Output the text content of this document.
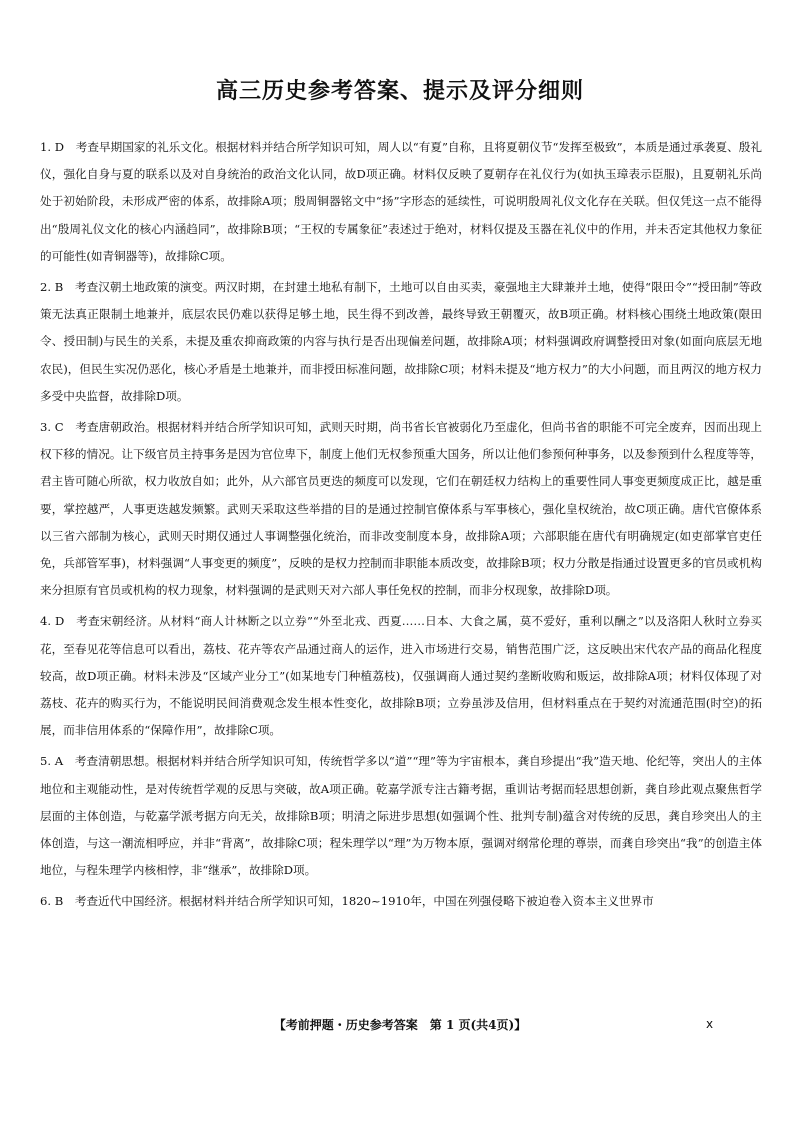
高三历史参考答案、提示及评分细则

1. D　考查早期国家的礼乐文化。根据材料并结合所学知识可知，周人以“有夏”自称，且将夏朝仪节“发挥至极致”，本质是通过承袭夏、殷礼仪，强化自身与夏的联系以及对自身统治的政治文化认同，故D项正确。材料仅反映了夏朝存在礼仪行为(如执玉璋表示臣服)，且夏朝礼乐尚处于初始阶段，未形成严密的体系，故排除A项；殷周铜器铭文中“扬”字形态的延续性，可说明殷周礼仪文化存在关联。但仅凭这一点不能得出“殷周礼仪文化的核心内涵趋同”，故排除B项；“王权的专属象征”表述过于绝对，材料仅提及玉器在礼仪中的作用，并未否定其他权力象征的可能性(如青铜器等)，故排除C项。

2. B　考查汉朝土地政策的演变。两汉时期，在封建土地私有制下，土地可以自由买卖，豪强地主大肆兼并土地，使得“限田令”“授田制”等政策无法真正限制土地兼并，底层农民仍难以获得足够土地，民生得不到改善，最终导致王朝覆灭，故B项正确。材料核心围绕土地政策(限田令、授田制)与民生的关系，未提及重农抑商政策的内容与执行是否出现偏差问题，故排除A项；材料强调政府调整授田对象(如面向底层无地农民)，但民生实况仍恶化，核心矛盾是土地兼并，而非授田标准问题，故排除C项；材料未提及“地方权力”的大小问题，而且两汉的地方权力多受中央监督，故排除D项。

3. C　考查唐朝政治。根据材料并结合所学知识可知，武则天时期，尚书省长官被弱化乃至虚化，但尚书省的职能不可完全废弃，因而出现上权下移的情况。让下级官员主持事务是因为官位卑下，制度上他们无权参预重大国务，所以让他们参预何种事务，以及参预到什么程度等等，君主皆可随心所欲，权力收放自如；此外，从六部官员更迭的频度可以发现，它们在朝廷权力结构上的重要性同人事变更频度成正比，越是重要，掌控越严，人事更迭越发频繁。武则天采取这些举措的目的是通过控制官僚体系与军事核心，强化皇权统治，故C项正确。唐代官僚体系以三省六部制为核心，武则天时期仅通过人事调整强化统治，而非改变制度本身，故排除A项；六部职能在唐代有明确规定(如吏部掌官吏任免，兵部管军事)，材料强调“人事变更的频度”，反映的是权力控制而非职能本质改变，故排除B项；权力分散是指通过设置更多的官员或机构来分担原有官员或机构的权力现象，材料强调的是武则天对六部人事任免权的控制，而非分权现象，故排除D项。

4. D　考查宋朝经济。从材料“商人计林断之以立券”“外至北戎、西夏……日本、大食之属，莫不爱好，重利以酬之”以及洛阳人秋时立券买花，至春见花等信息可以看出，荔枝、花卉等农产品通过商人的运作，进入市场进行交易，销售范围广泛，这反映出宋代农产品的商品化程度较高，故D项正确。材料未涉及“区域产业分工”(如某地专门种植荔枝)，仅强调商人通过契约垄断收购和贩运，故排除A项；材料仅体现了对荔枝、花卉的购买行为，不能说明民间消费观念发生根本性变化，故排除B项；立券虽涉及信用，但材料重点在于契约对流通范围(时空)的拓展，而非信用体系的“保障作用”，故排除C项。

5. A　考查清朝思想。根据材料并结合所学知识可知，传统哲学多以“道”“理”等为宇宙根本，龚自珍提出“我”造天地、伦纪等，突出人的主体地位和主观能动性，是对传统哲学观的反思与突破，故A项正确。乾嘉学派专注古籍考据，重训诂考据而轻思想创新，龚自珍此观点聚焦哲学层面的主体创造，与乾嘉学派考据方向无关，故排除B项；明清之际进步思想(如强调个性、批判专制)蕴含对传统的反思，龚自珍突出人的主体创造，与这一潮流相呼应，并非“背离”，故排除C项；程朱理学以“理”为万物本原，强调对纲常伦理的尊崇，而龚自珍突出“我”的创造主体地位，与程朱理学内核相悖，非“继承”，故排除D项。

6. B　考查近代中国经济。根据材料并结合所学知识可知，1820~1910年，中国在列强侵略下被迫卷入资本主义世界市

【考前押题・历史参考答案　第 1 页(共4页)】	x
